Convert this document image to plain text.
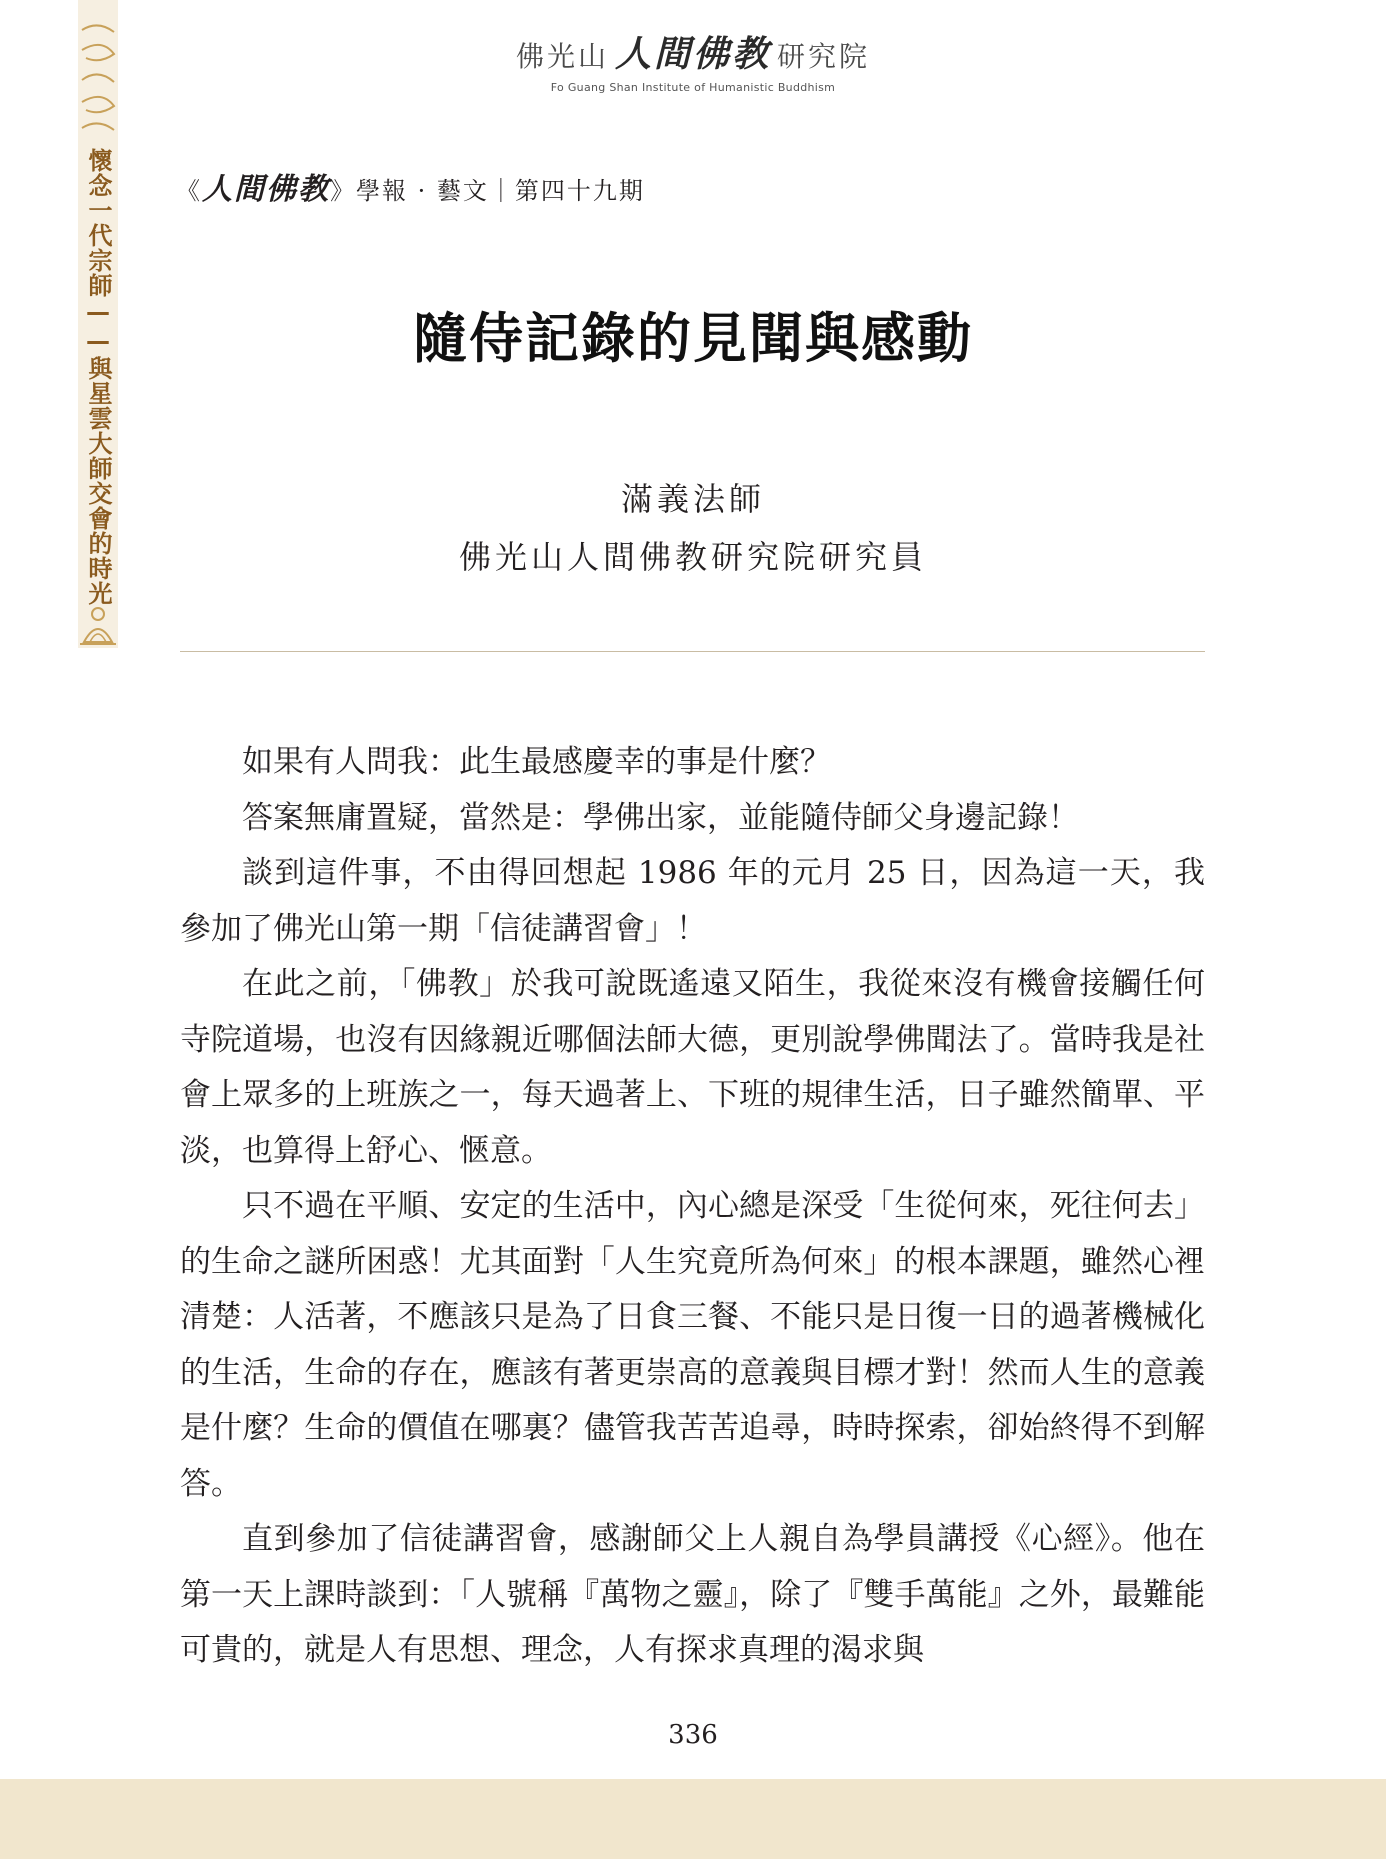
懷念一代宗師——與星雲大師交會的時光
佛光山 人間佛教 研究院
Fo Guang Shan Institute of Humanistic Buddhism
《人間佛教》學報 · 藝文｜第四十九期
隨侍記錄的見聞與感動
滿義法師
佛光山人間佛教研究院研究員

如果有人問我：此生最感慶幸的事是什麼？

答案無庸置疑，當然是：學佛出家，並能隨侍師父身邊記錄！

談到這件事，不由得回想起 1986 年的元月 25 日，因為這一天，我參加了佛光山第一期「信徒講習會」！

在此之前，「佛教」於我可說既遙遠又陌生，我從來沒有機會接觸任何寺院道場，也沒有因緣親近哪個法師大德，更別說學佛聞法了。當時我是社會上眾多的上班族之一，每天過著上、下班的規律生活，日子雖然簡單、平淡，也算得上舒心、愜意。

只不過在平順、安定的生活中，內心總是深受「生從何來，死往何去」的生命之謎所困惑！尤其面對「人生究竟所為何來」的根本課題，雖然心裡清楚：人活著，不應該只是為了日食三餐、不能只是日復一日的過著機械化的生活，生命的存在，應該有著更崇高的意義與目標才對！然而人生的意義是什麼？生命的價值在哪裏？儘管我苦苦追尋，時時探索，卻始終得不到解答。

直到參加了信徒講習會，感謝師父上人親自為學員講授《心經》。他在第一天上課時談到：「人號稱『萬物之靈』，除了『雙手萬能』之外，最難能可貴的，就是人有思想、理念，人有探求真理的渴求與

336
